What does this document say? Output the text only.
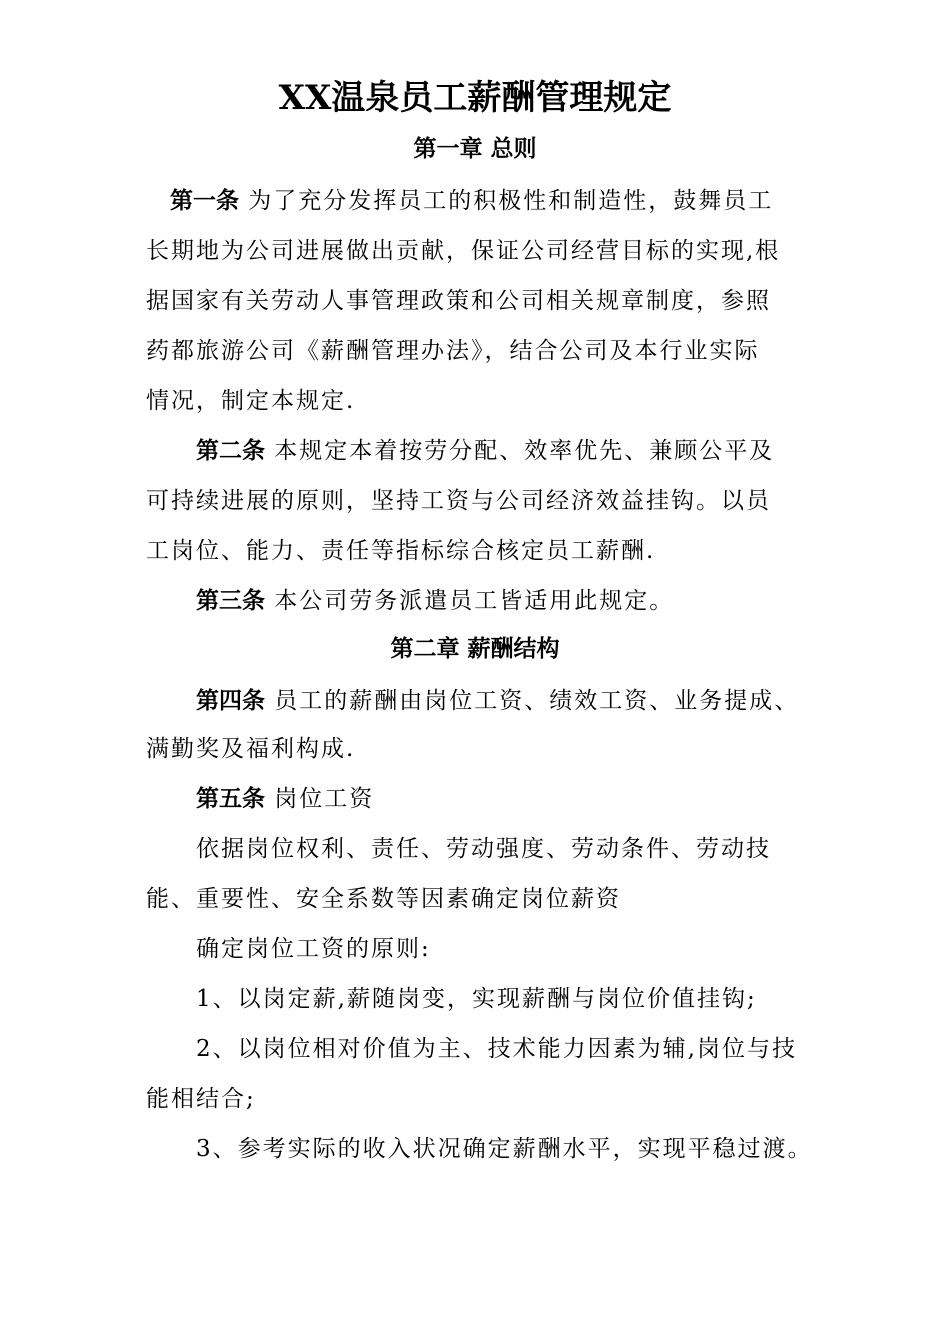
XX温泉员工薪酬管理规定
第一章 总则
第一条 为了充分发挥员工的积极性和制造性，鼓舞员工
长期地为公司进展做出贡献，保证公司经营目标的实现,根
据国家有关劳动人事管理政策和公司相关规章制度，参照
药都旅游公司《薪酬管理办法》，结合公司及本行业实际
情况，制定本规定.
第二条 本规定本着按劳分配、效率优先、兼顾公平及
可持续进展的原则，坚持工资与公司经济效益挂钩。以员
工岗位、能力、责任等指标综合核定员工薪酬.
第三条 本公司劳务派遣员工皆适用此规定。
第二章 薪酬结构
第四条 员工的薪酬由岗位工资、绩效工资、业务提成、
满勤奖及福利构成.
第五条 岗位工资
依据岗位权利、责任、劳动强度、劳动条件、劳动技
能、重要性、安全系数等因素确定岗位薪资
确定岗位工资的原则:
1、以岗定薪,薪随岗变，实现薪酬与岗位价值挂钩;
2、以岗位相对价值为主、技术能力因素为辅,岗位与技
能相结合;
3、参考实际的收入状况确定薪酬水平，实现平稳过渡。
